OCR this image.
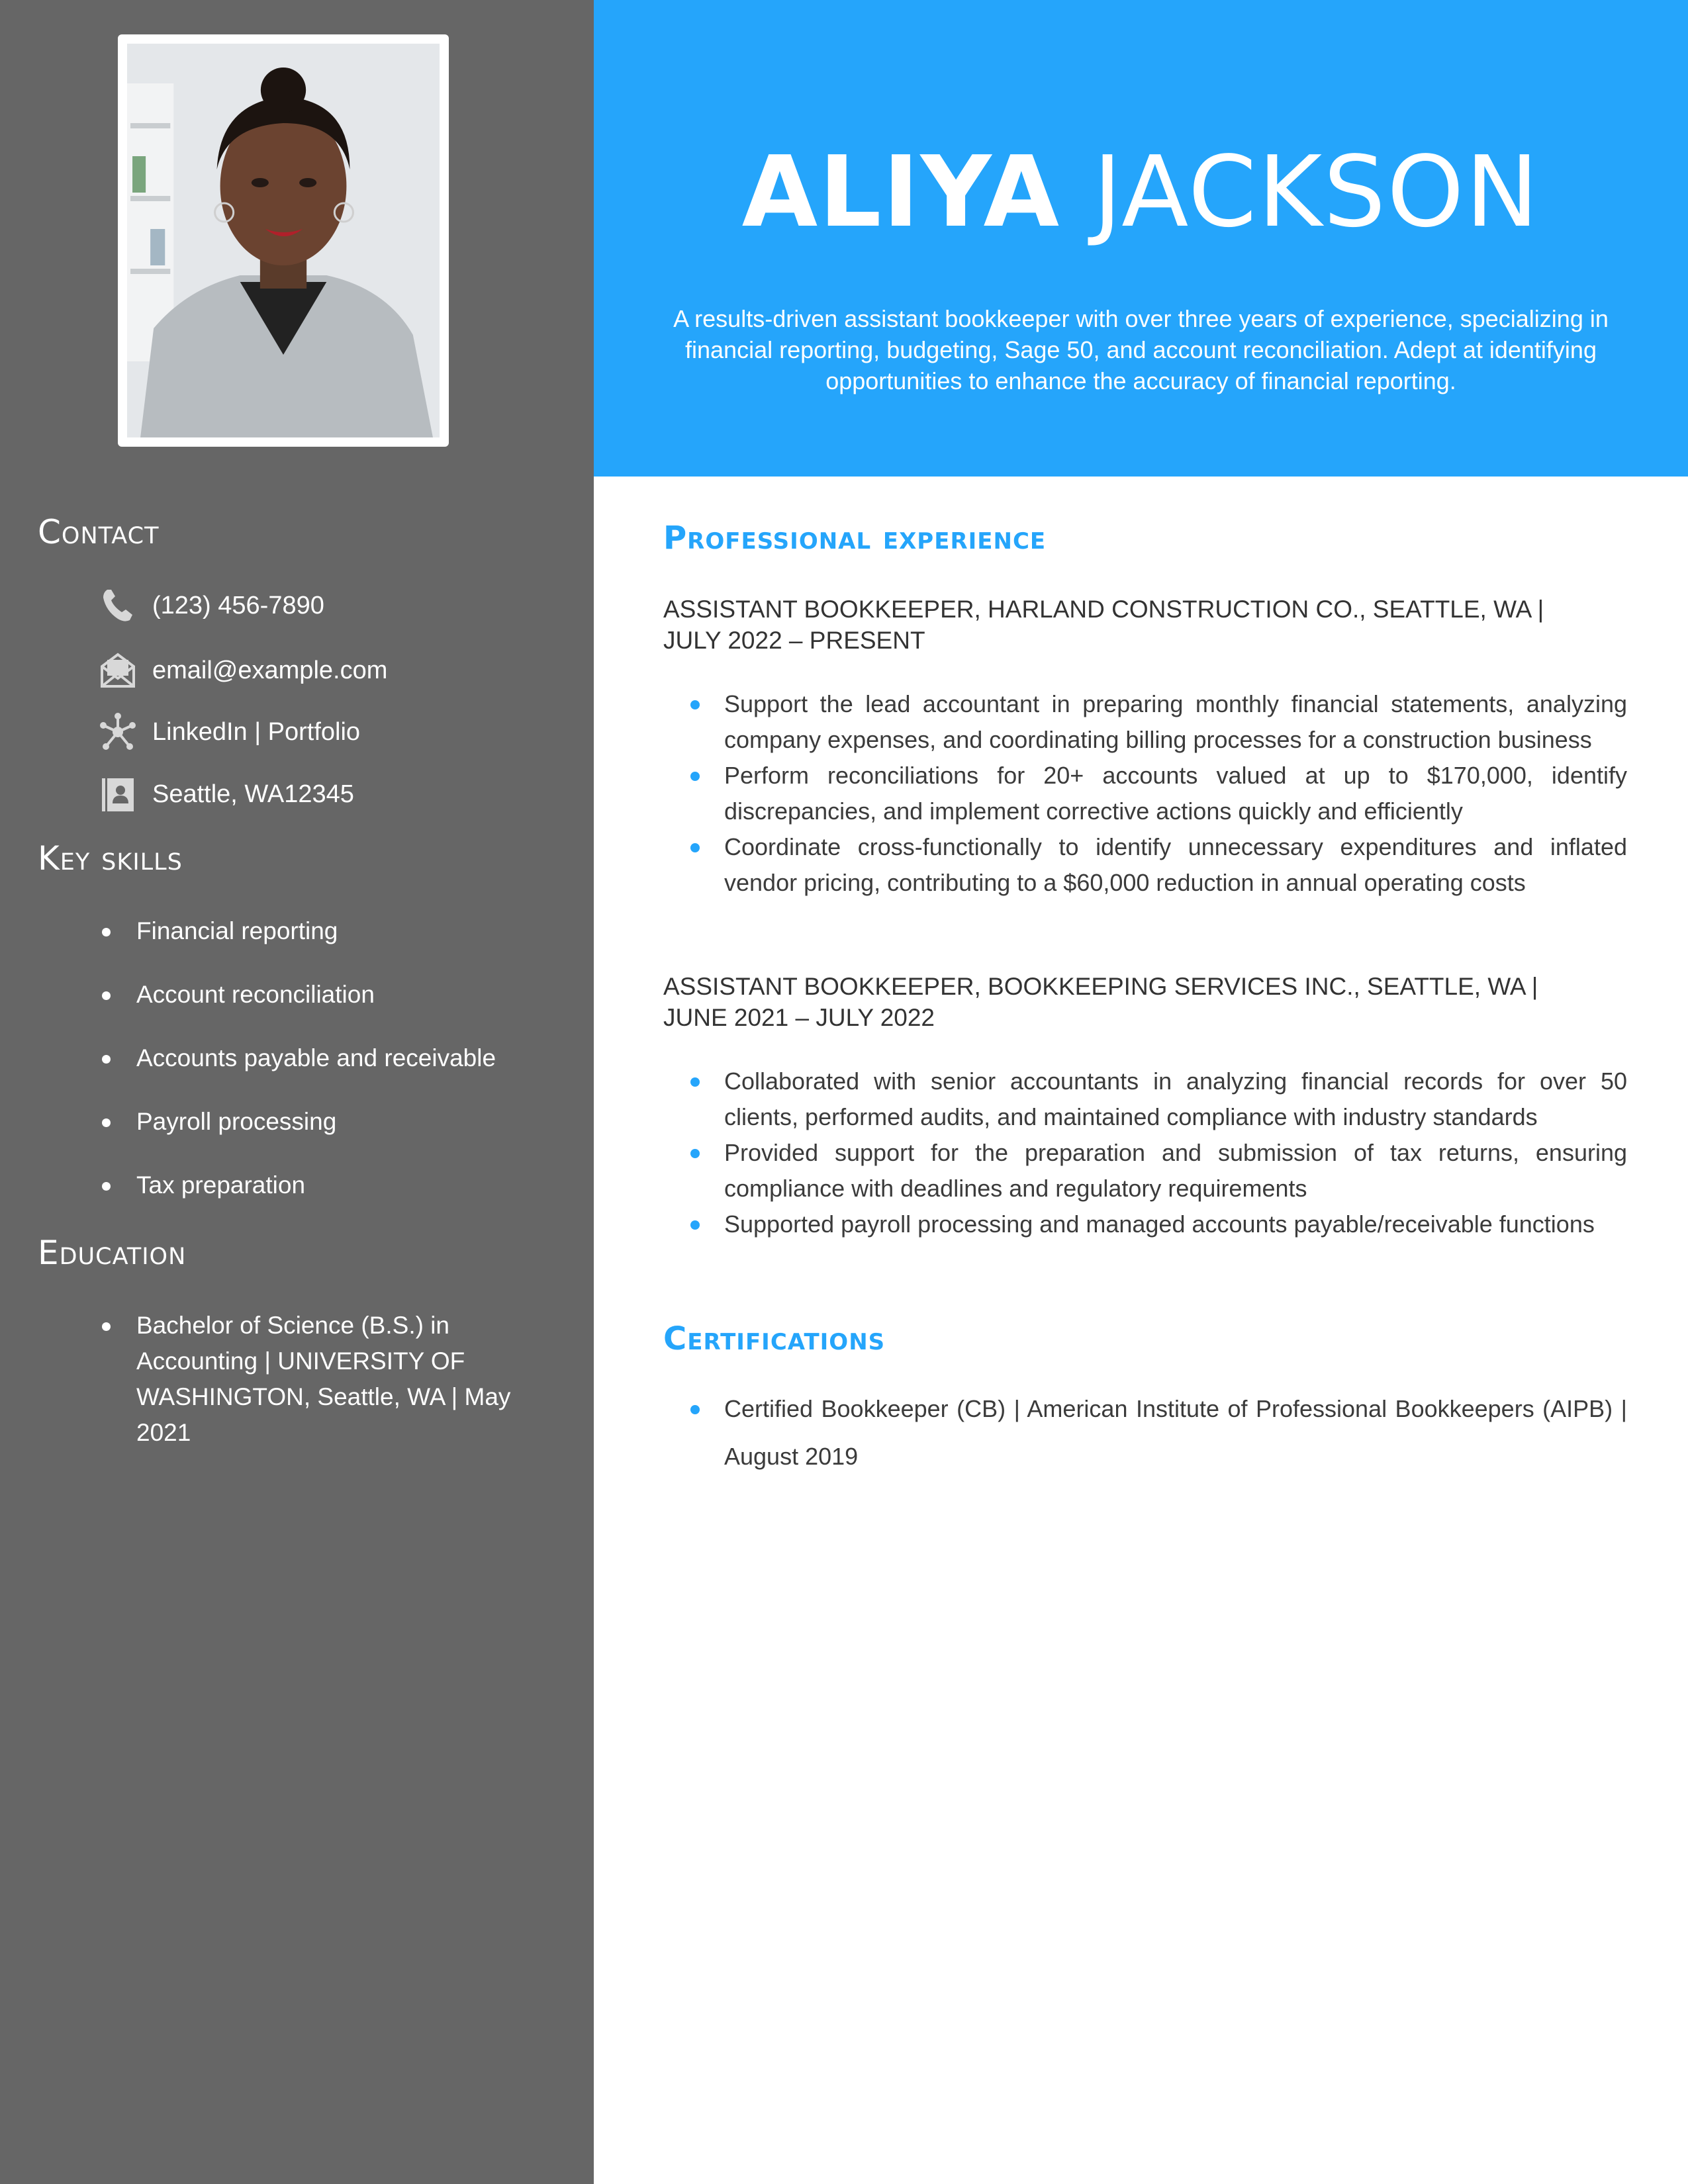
Contact
(123) 456-7890
email@example.com
LinkedIn | Portfolio
Seattle, WA12345
Key skills
Financial reporting
Account reconciliation
Accounts payable and receivable
Payroll processing
Tax preparation
Education
Bachelor of Science (B.S.) in Accounting | UNIVERSITY OF WASHINGTON, Seattle, WA | May 2021
ALIYA JACKSON

A results-driven assistant bookkeeper with over three years of experience, specializing in financial reporting, budgeting, Sage 50, and account reconciliation. Adept at identifying opportunities to enhance the accuracy of financial reporting.

Professional experience
ASSISTANT BOOKKEEPER, HARLAND CONSTRUCTION CO., SEATTLE, WA | JULY 2022 – PRESENT
Support the lead accountant in preparing monthly financial statements, analyzing company expenses, and coordinating billing processes for a construction business
Perform reconciliations for 20+ accounts valued at up to $170,000, identify discrepancies, and implement corrective actions quickly and efficiently
Coordinate cross-functionally to identify unnecessary expenditures and inflated vendor pricing, contributing to a $60,000 reduction in annual operating costs
ASSISTANT BOOKKEEPER, BOOKKEEPING SERVICES INC., SEATTLE, WA | JUNE 2021 – JULY 2022
Collaborated with senior accountants in analyzing financial records for over 50 clients, performed audits, and maintained compliance with industry standards
Provided support for the preparation and submission of tax returns, ensuring compliance with deadlines and regulatory requirements
Supported payroll processing and managed accounts payable/receivable functions
Certifications
Certified Bookkeeper (CB) | American Institute of Professional Bookkeepers (AIPB) | August 2019
